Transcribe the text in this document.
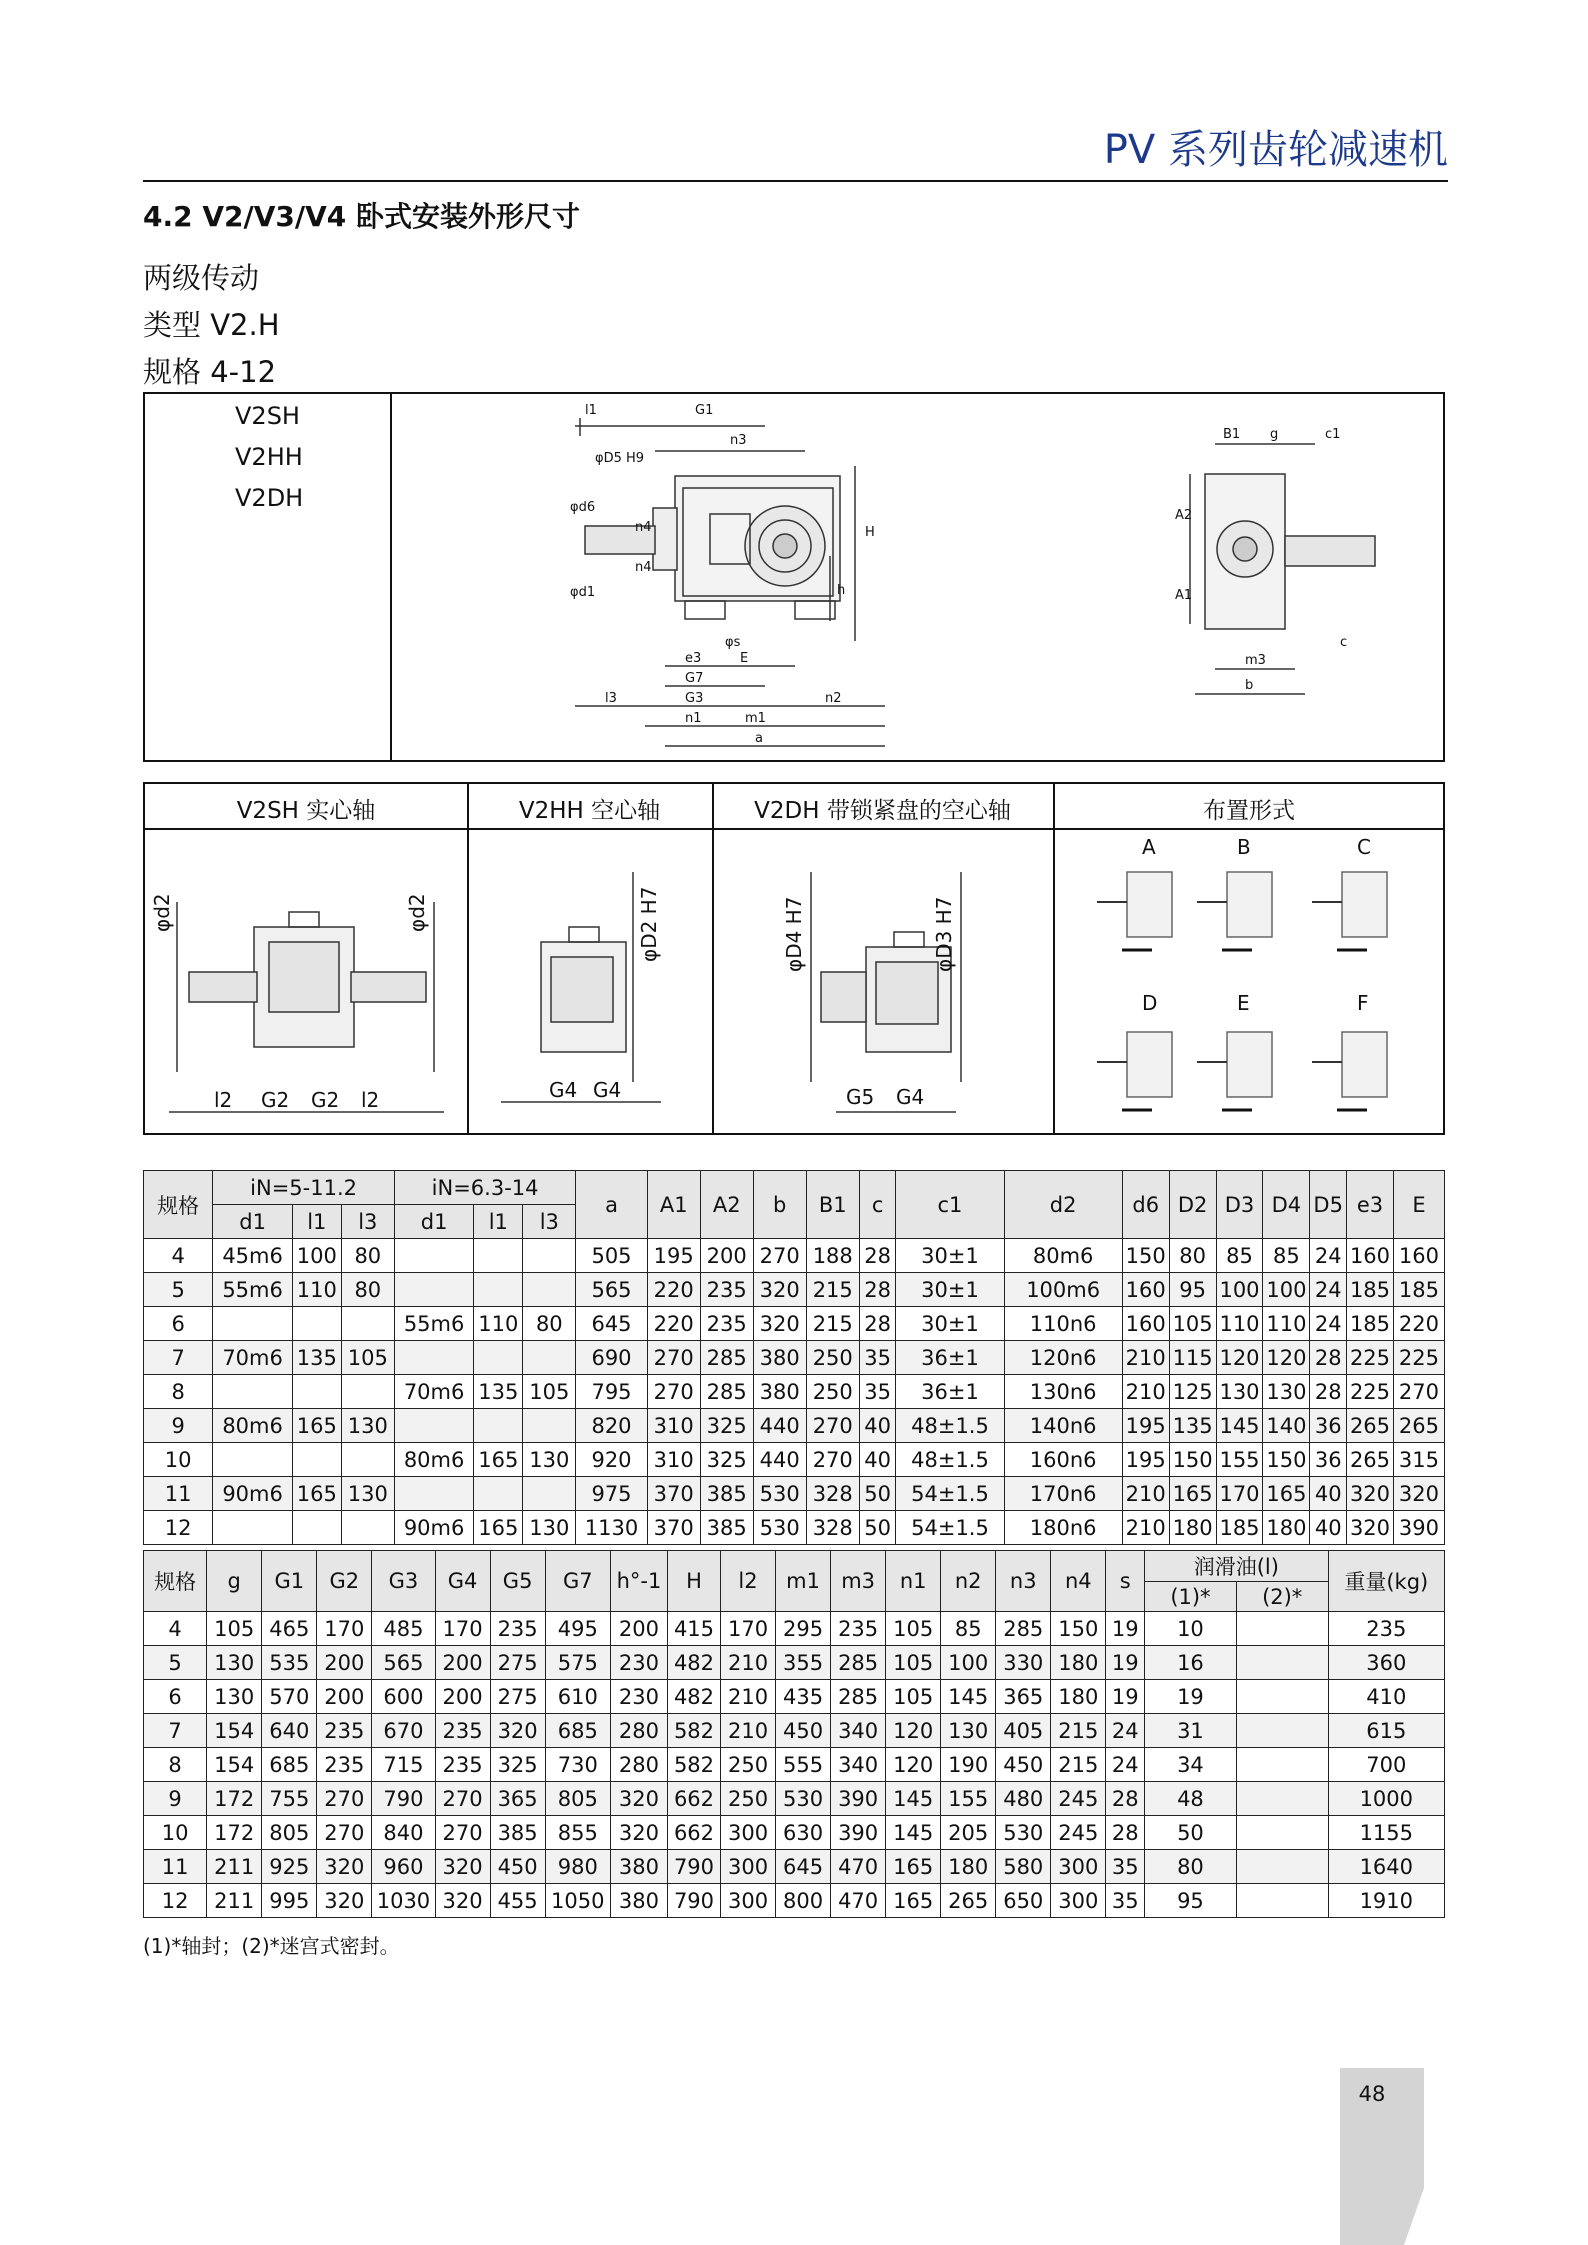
PV 系列齿轮减速机
4.2 V2/V3/V4 卧式安装外形尺寸
两级传动
类型 V2.H
规格 4-12
V2SH
V2HH
V2DH
l1	G1
n3
φD5 H9
φd6
n4
φd1
n4
H
h
φs
e3
G7
E
G3
l3
n1	m1
n2
a
B1 g	c1
A2
A1
m3
b
c
V2SH 实心轴	V2HH 空心轴	V2DH 带锁紧盘的空心轴	布置形式
φd2	φd2
l2 G2 G2 l2
φD2 H7
G4 G4
φD4 H7	φD3 H7
G5 G4
A	B	C
D	E	F
规格	iN=5-11.2			iN=6.3-14			a	A1	A2	b	B1	c	c1	d2	d6	D2	D3	D4	D5	e3	E
	d1	l1	l3	d1	l1	l3															
4	45m6	100	80				505	195	200	270	188	28	30±1	80m6	150	80	85	85	24	160	160
5	55m6	110	80				565	220	235	320	215	28	30±1	100m6	160	95	100	100	24	185	185
6				55m6	110	80	645	220	235	320	215	28	30±1	110n6	160	105	110	110	24	185	220
7	70m6	135	105				690	270	285	380	250	35	36±1	120n6	210	115	120	120	28	225	225
8				70m6	135	105	795	270	285	380	250	35	36±1	130n6	210	125	130	130	28	225	270
9	80m6	165	130				820	310	325	440	270	40	48±1.5	140n6	195	135	145	140	36	265	265
10				80m6	165	130	920	310	325	440	270	40	48±1.5	160n6	195	150	155	150	36	265	315
11	90m6	165	130				975	370	385	530	328	50	54±1.5	170n6	210	165	170	165	40	320	320
12				90m6	165	130	1130	370	385	530	328	50	54±1.5	180n6	210	180	185	180	40	320	390
规格	g	G1	G2	G3	G4	G5	G7	h°-1	H	l2	m1	m3	n1	n2	n3	n4	s	润滑油(l)		重量(kg)
																		(1)*	(2)*	
4	105	465	170	485	170	235	495	200	415	170	295	235	105	85	285	150	19	10		235
5	130	535	200	565	200	275	575	230	482	210	355	285	105	100	330	180	19	16		360
6	130	570	200	600	200	275	610	230	482	210	435	285	105	145	365	180	19	19		410
7	154	640	235	670	235	320	685	280	582	210	450	340	120	130	405	215	24	31		615
8	154	685	235	715	235	325	730	280	582	250	555	340	120	190	450	215	24	34		700
9	172	755	270	790	270	365	805	320	662	250	530	390	145	155	480	245	28	48		1000
10	172	805	270	840	270	385	855	320	662	300	630	390	145	205	530	245	28	50		1155
11	211	925	320	960	320	450	980	380	790	300	645	470	165	180	580	300	35	80		1640
12	211	995	320	1030	320	455	1050	380	790	300	800	470	165	265	650	300	35	95		1910
(1)*轴封；(2)*迷宫式密封。
48
